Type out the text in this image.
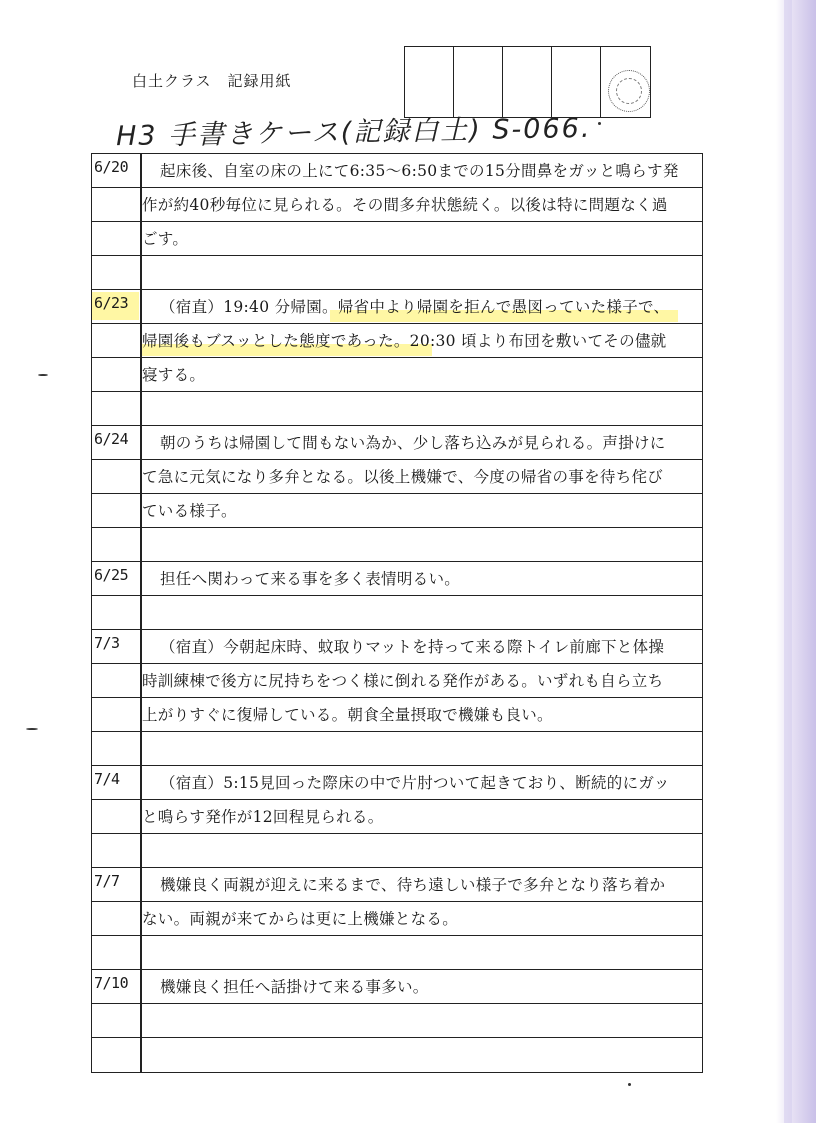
白土クラス　記録用紙
H3 手書きケース(記録白土) S-066.
6/20	起床後、自室の床の上にて6:35～6:50までの15分間鼻をガッと鳴らす発
作が約40秒毎位に見られる。その間多弁状態続く。以後は特に問題なく過
ごす。
6/23	（宿直）19:40 分帰園。帰省中より帰園を拒んで愚図っていた様子で、
帰園後もブスッとした態度であった。20:30 頃より布団を敷いてその儘就
寝する。
6/24	朝のうちは帰園して間もない為か、少し落ち込みが見られる。声掛けに
て急に元気になり多弁となる。以後上機嫌で、今度の帰省の事を待ち侘び
ている様子。
6/25	担任へ関わって来る事を多く表情明るい。
7/3	（宿直）今朝起床時、蚊取りマットを持って来る際トイレ前廊下と体操
時訓練棟で後方に尻持ちをつく様に倒れる発作がある。いずれも自ら立ち
上がりすぐに復帰している。朝食全量摂取で機嫌も良い。
7/4	（宿直）5:15見回った際床の中で片肘ついて起きており、断続的にガッ
と鳴らす発作が12回程見られる。
7/7	機嫌良く両親が迎えに来るまで、待ち遠しい様子で多弁となり落ち着か
ない。両親が来てからは更に上機嫌となる。
7/10	機嫌良く担任へ話掛けて来る事多い。
